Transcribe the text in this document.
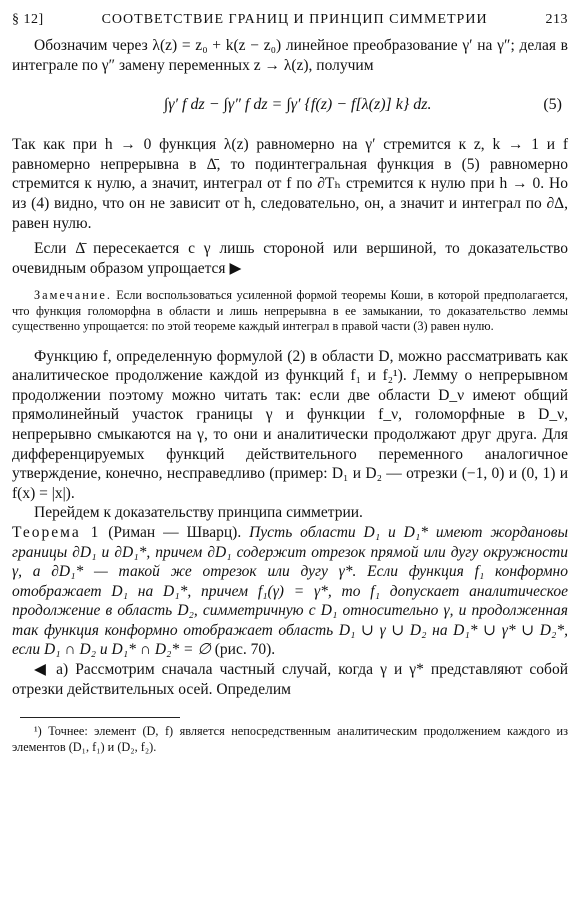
§ 12]	СООТВЕТСТВИЕ ГРАНИЦ И ПРИНЦИП СИММЕТРИИ	213

Обозначим через λ(z) = z₀ + k(z − z₀) линейное преобразование γ′ на γ″; делая в интеграле по γ″ замену переменных z → λ(z), получим

∫γ′ f dz − ∫γ″ f dz = ∫γ′ {f(z) − f[λ(z)] k} dz.	(5)

Так как при h → 0 функция λ(z) равномерно на γ′ стремится к z, k → 1 и f равномерно непрерывна в Δ̄, то подинтегральная функция в (5) равномерно стремится к нулю, а значит, интеграл от f по ∂Tₕ стремится к нулю при h → 0. Но из (4) видно, что он не зависит от h, следовательно, он, а значит и интеграл по ∂Δ, равен нулю.

Если Δ̄ пересекается с γ лишь стороной или вершиной, то доказательство очевидным образом упрощается ▶

Замечание. Если воспользоваться усиленной формой теоремы Коши, в которой предполагается, что функция голоморфна в области и лишь непрерывна в ее замыкании, то доказательство леммы существенно упрощается: по этой теореме каждый интеграл в правой части (3) равен нулю.

Функцию f, определенную формулой (2) в области D, можно рассматривать как аналитическое продолжение каждой из функций f₁ и f₂¹). Лемму о непрерывном продолжении поэтому можно читать так: если две области D_ν имеют общий прямолинейный участок границы γ и функции f_ν, голоморфные в D_ν, непрерывно смыкаются на γ, то они и аналитически продолжают друг друга. Для дифференцируемых функций действительного переменного аналогичное утверждение, конечно, несправедливо (пример: D₁ и D₂ — отрезки (−1, 0) и (0, 1) и f(x) = |x|).

Перейдем к доказательству принципа симметрии.

Теорема 1 (Риман — Шварц). Пусть области D₁ и D₁* имеют жордановы границы ∂D₁ и ∂D₁*, причем ∂D₁ содержит отрезок прямой или дугу окружности γ, а ∂D₁* — такой же отрезок или дугу γ*. Если функция f₁ конформно отображает D₁ на D₁*, причем f₁(γ) = γ*, то f₁ допускает аналитическое продолжение в область D₂, симметричную с D₁ относительно γ, и продолженная так функция конформно отображает область D₁ ∪ γ ∪ D₂ на D₁* ∪ γ* ∪ D₂*, если D₁ ∩ D₂ и D₁* ∩ D₂* = ∅ (рис. 70).

◀ а) Рассмотрим сначала частный случай, когда γ и γ* представляют собой отрезки действительных осей. Определим

¹) Точнее: элемент (D, f) является непосредственным аналитическим продолжением каждого из элементов (D₁, f₁) и (D₂, f₂).
